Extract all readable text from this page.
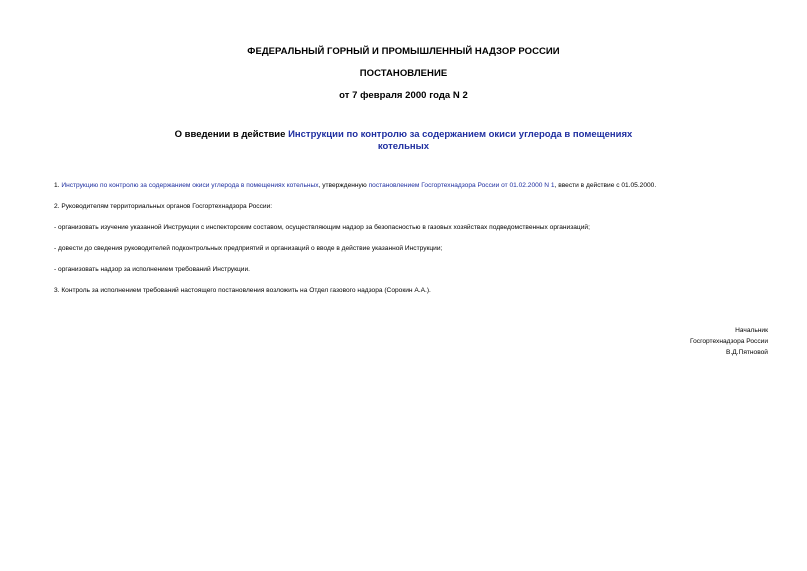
ФЕДЕРАЛЬНЫЙ ГОРНЫЙ И ПРОМЫШЛЕННЫЙ НАДЗОР РОССИИ
ПОСТАНОВЛЕНИЕ
от 7 февраля 2000 года N 2
О введении в действие Инструкции по контролю за содержанием окиси углерода в помещениях котельных
1. Инструкцию по контролю за содержанием окиси углерода в помещениях котельных, утвержденную постановлением Госгортехнадзора России от 01.02.2000 N 1, ввести в действие с 01.05.2000.
2. Руководителям территориальных органов Госгортехнадзора России:
- организовать изучение указанной Инструкции с инспекторским составом, осуществляющим надзор за безопасностью в газовых хозяйствах подведомственных организаций;
- довести до сведения руководителей подконтрольных предприятий и организаций о вводе в действие указанной Инструкции;
- организовать надзор за исполнением требований Инструкции.
3. Контроль за исполнением требований настоящего постановления возложить на Отдел газового надзора (Сорокин А.А.).
Начальник
Госгортехнадзора России
В.Д.Пятновой
